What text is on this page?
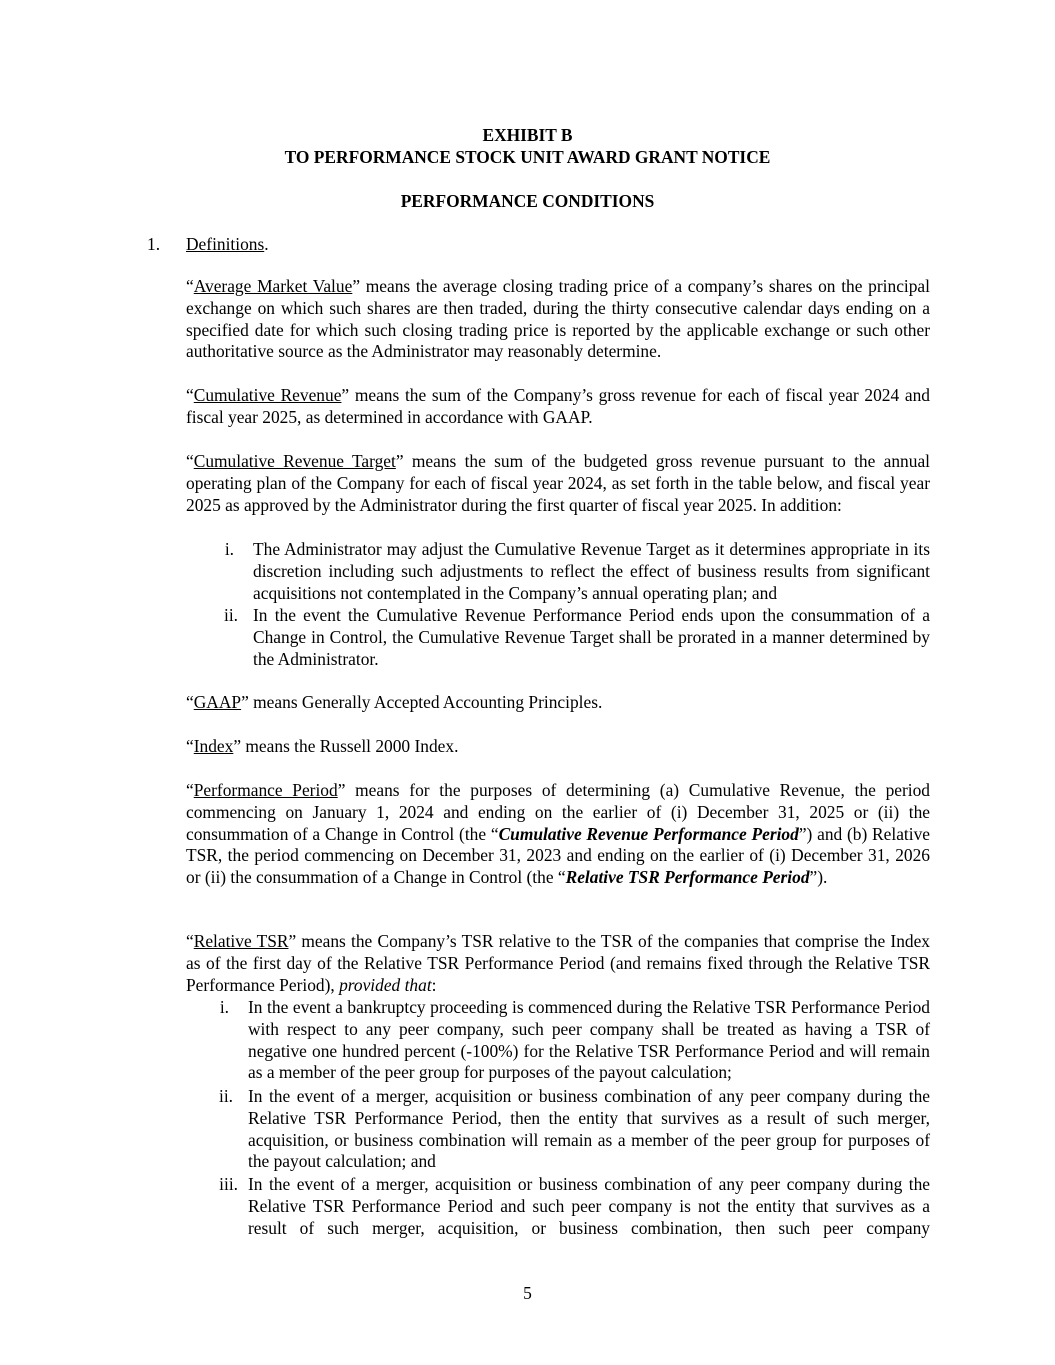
EXHIBIT B
TO PERFORMANCE STOCK UNIT AWARD GRANT NOTICE
PERFORMANCE CONDITIONS
1. Definitions.
“Average Market Value” means the average closing trading price of a company’s shares on the principal exchange on which such shares are then traded, during the thirty consecutive calendar days ending on a specified date for which such closing trading price is reported by the applicable exchange or such other authoritative source as the Administrator may reasonably determine.
“Cumulative Revenue” means the sum of the Company’s gross revenue for each of fiscal year 2024 and fiscal year 2025, as determined in accordance with GAAP.
“Cumulative Revenue Target” means the sum of the budgeted gross revenue pursuant to the annual operating plan of the Company for each of fiscal year 2024, as set forth in the table below, and fiscal year 2025 as approved by the Administrator during the first quarter of fiscal year 2025. In addition:
i. The Administrator may adjust the Cumulative Revenue Target as it determines appropriate in its discretion including such adjustments to reflect the effect of business results from significant acquisitions not contemplated in the Company’s annual operating plan; and
ii. In the event the Cumulative Revenue Performance Period ends upon the consummation of a Change in Control, the Cumulative Revenue Target shall be prorated in a manner determined by the Administrator.
“GAAP” means Generally Accepted Accounting Principles.
“Index” means the Russell 2000 Index.
“Performance Period” means for the purposes of determining (a) Cumulative Revenue, the period commencing on January 1, 2024 and ending on the earlier of (i) December 31, 2025 or (ii) the consummation of a Change in Control (the “Cumulative Revenue Performance Period”) and (b) Relative TSR, the period commencing on December 31, 2023 and ending on the earlier of (i) December 31, 2026 or (ii) the consummation of a Change in Control (the “Relative TSR Performance Period”).
“Relative TSR” means the Company’s TSR relative to the TSR of the companies that comprise the Index as of the first day of the Relative TSR Performance Period (and remains fixed through the Relative TSR Performance Period), provided that:
i. In the event a bankruptcy proceeding is commenced during the Relative TSR Performance Period with respect to any peer company, such peer company shall be treated as having a TSR of negative one hundred percent (-100%) for the Relative TSR Performance Period and will remain as a member of the peer group for purposes of the payout calculation;
ii. In the event of a merger, acquisition or business combination of any peer company during the Relative TSR Performance Period, then the entity that survives as a result of such merger, acquisition, or business combination will remain as a member of the peer group for purposes of the payout calculation; and
iii. In the event of a merger, acquisition or business combination of any peer company during the Relative TSR Performance Period and such peer company is not the entity that survives as a result of such merger, acquisition, or business combination, then such peer company
5
